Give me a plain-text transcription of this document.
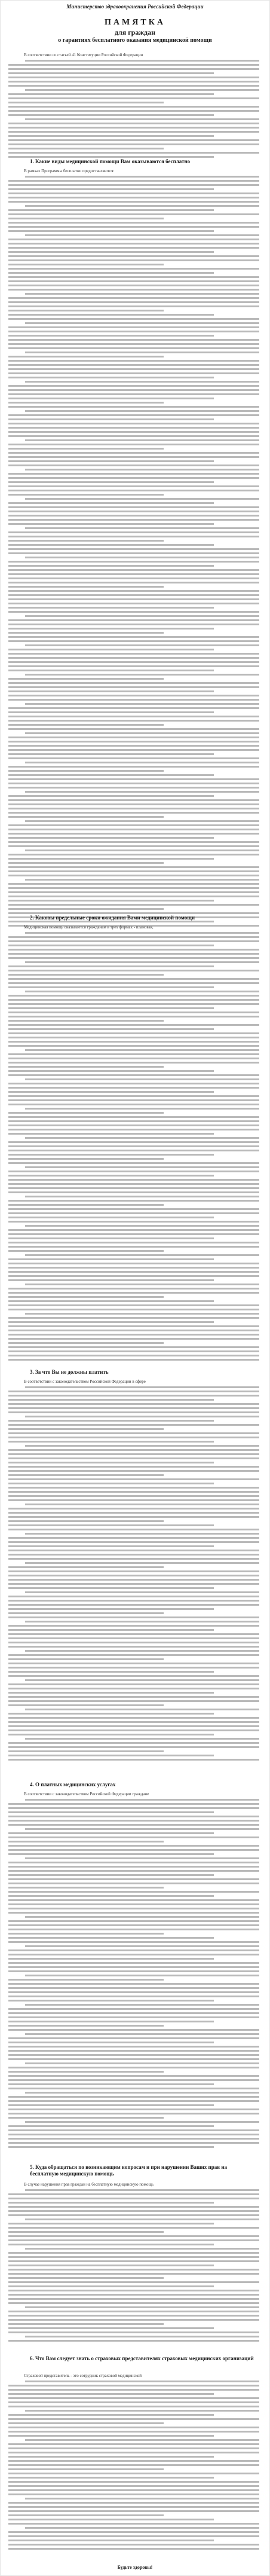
Министерство здравоохранения Российской Федерации
ПАМЯТКА
для граждан
о гарантиях бесплатного оказания медицинской помощи
В соответствии со статьей 41 Конституции Российской Федерации
1. Какие виды медицинской помощи Вам оказываются бесплатно
В рамках Программы бесплатно предоставляются:
2. Каковы предельные сроки ожидания Вами медицинской помощи
Медицинская помощь оказывается гражданам в трех формах - плановая,
3. За что Вы не должны платить
В соответствии с законодательством Российской Федерации в сфере
4. О платных медицинских услугах
В соответствии с законодательством Российской Федерации граждане
5. Куда обращаться по возникающим вопросам и при нарушении Ваших прав на бесплатную медицинскую помощь
В случае нарушения прав граждан на бесплатную медицинскую помощь
6. Что Вам следует знать о страховых представителях страховых медицинских организаций
Страховой представитель - это сотрудник страховой медицинской
Будьте здоровы!
